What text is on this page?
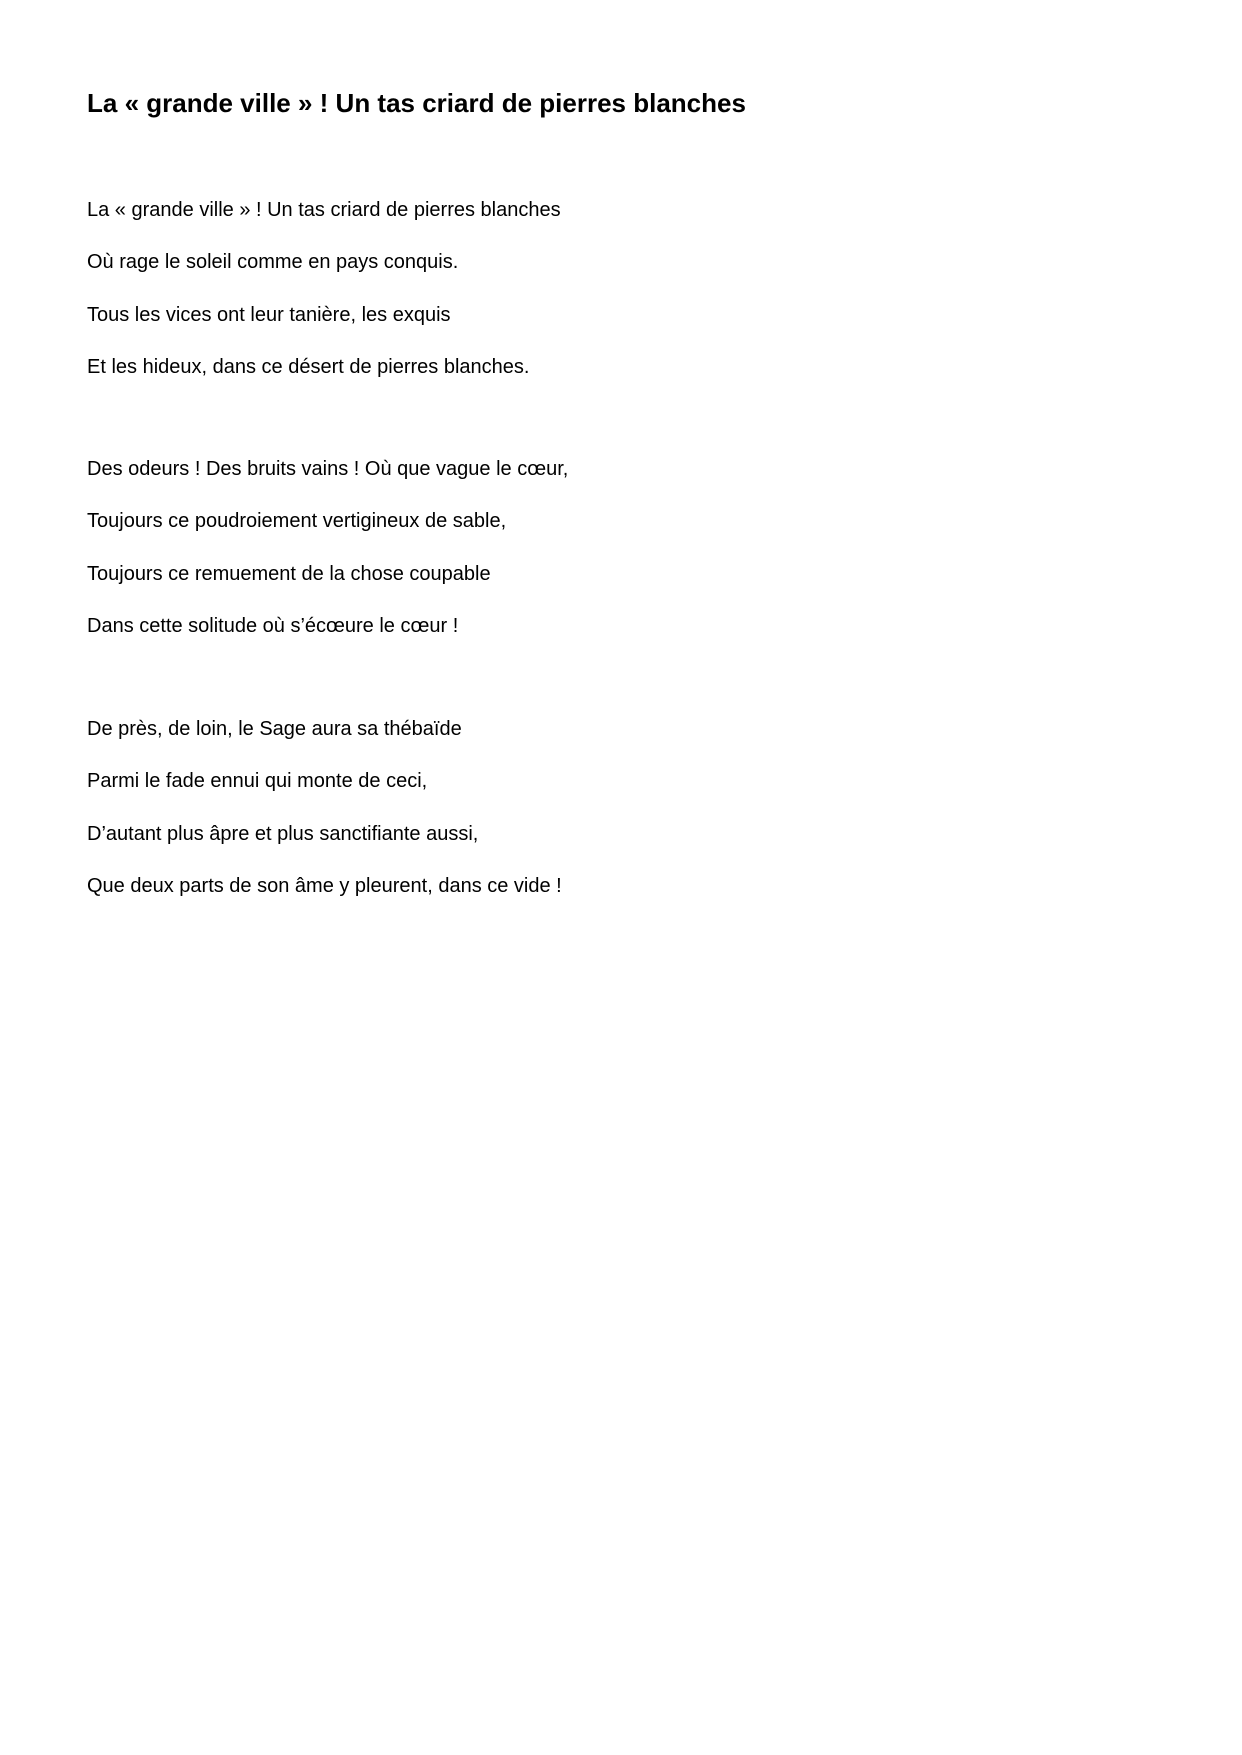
La « grande ville » ! Un tas criard de pierres blanches

La « grande ville » ! Un tas criard de pierres blanches

Où rage le soleil comme en pays conquis.

Tous les vices ont leur tanière, les exquis

Et les hideux, dans ce désert de pierres blanches.

Des odeurs ! Des bruits vains ! Où que vague le cœur,

Toujours ce poudroiement vertigineux de sable,

Toujours ce remuement de la chose coupable

Dans cette solitude où s’écœure le cœur !

De près, de loin, le Sage aura sa thébaïde

Parmi le fade ennui qui monte de ceci,

D’autant plus âpre et plus sanctifiante aussi,

Que deux parts de son âme y pleurent, dans ce vide !
